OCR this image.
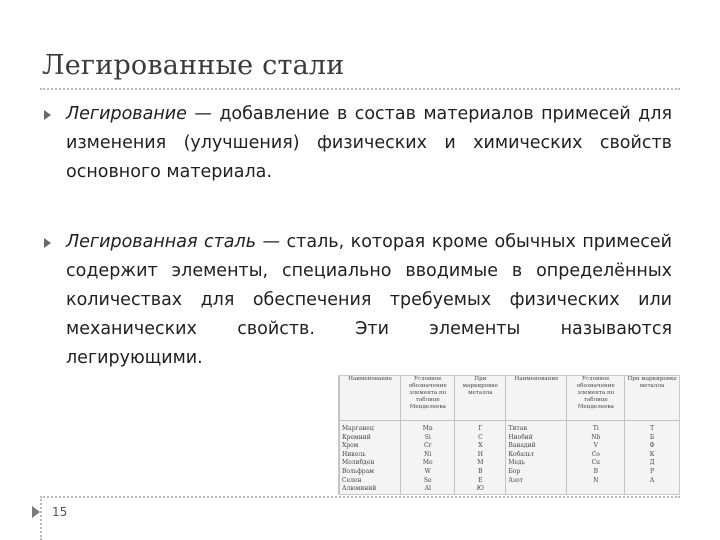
Легированные стали
Легирование — добавление в состав материалов примесей для изменения (улучшения) физических и химических свойств основного материала.
Легированная сталь — сталь, которая кроме обычных примесей содержит элементы, специально вводимые в определённых количествах для обеспечения требуемых физических или механических свойств. Эти элементы называются легирующими.
Наименование	Условное обозначение элемента по таблице Менделеева	При маркировке металла	Наименование	Условное обозначение элемента по таблице Менделеева	При маркировке металла
Марганец	Mn	Г	Титан	Ti	Т
Кремний	Si	С	Ниобий	Nb	Б
Хром	Cr	Х	Ванадий	V	Ф
Никель	Ni	Н	Кобальт	Co	К
Молибден	Mo	М	Медь	Cu	Д
Вольфрам	W	В	Бор	B	Р
Селен	Se	Е	Азот	N	А
Алюминий	Al	Ю			
15
